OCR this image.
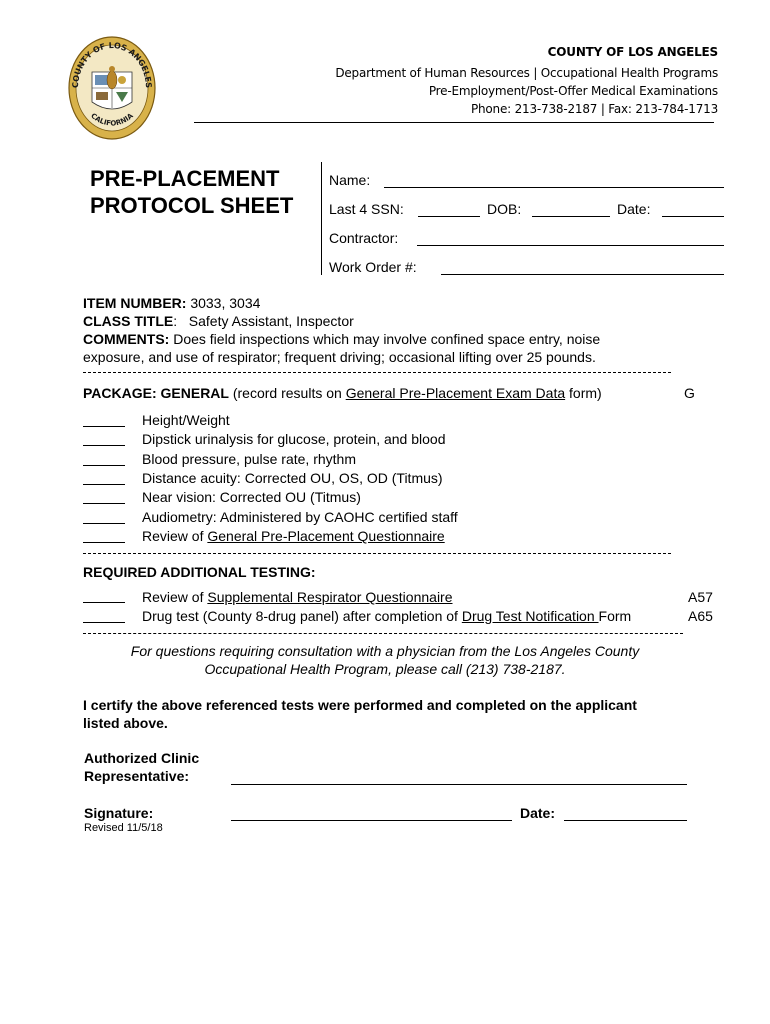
COUNTY OF LOS ANGELES
CALIFORNIA
COUNTY OF LOS ANGELES
Department of Human Resources | Occupational Health Programs
Pre-Employment/Post-Offer Medical Examinations
Phone: 213-738-2187 | Fax: 213-784-1713
PRE-PLACEMENT
PROTOCOL SHEET
Name:
Last 4 SSN:	DOB:	Date:
Contractor:
Work Order #:
ITEM NUMBER: 3033, 3034
CLASS TITLE: Safety Assistant, Inspector
COMMENTS: Does field inspections which may involve confined space entry, noise
exposure, and use of respirator; frequent driving; occasional lifting over 25 pounds.
PACKAGE: GENERAL (record results on General Pre-Placement Exam Data form)	G
Height/Weight
Dipstick urinalysis for glucose, protein, and blood
Blood pressure, pulse rate, rhythm
Distance acuity: Corrected OU, OS, OD (Titmus)
Near vision: Corrected OU (Titmus)
Audiometry: Administered by CAOHC certified staff
Review of General Pre-Placement Questionnaire
REQUIRED ADDITIONAL TESTING:
Review of Supplemental Respirator Questionnaire	A57
Drug test (County 8-drug panel) after completion of Drug Test Notification Form	A65
For questions requiring consultation with a physician from the Los Angeles County
Occupational Health Program, please call (213) 738-2187.
I certify the above referenced tests were performed and completed on the applicant
listed above.
Authorized Clinic
Representative:
Signature:	Date:
Revised 11/5/18
